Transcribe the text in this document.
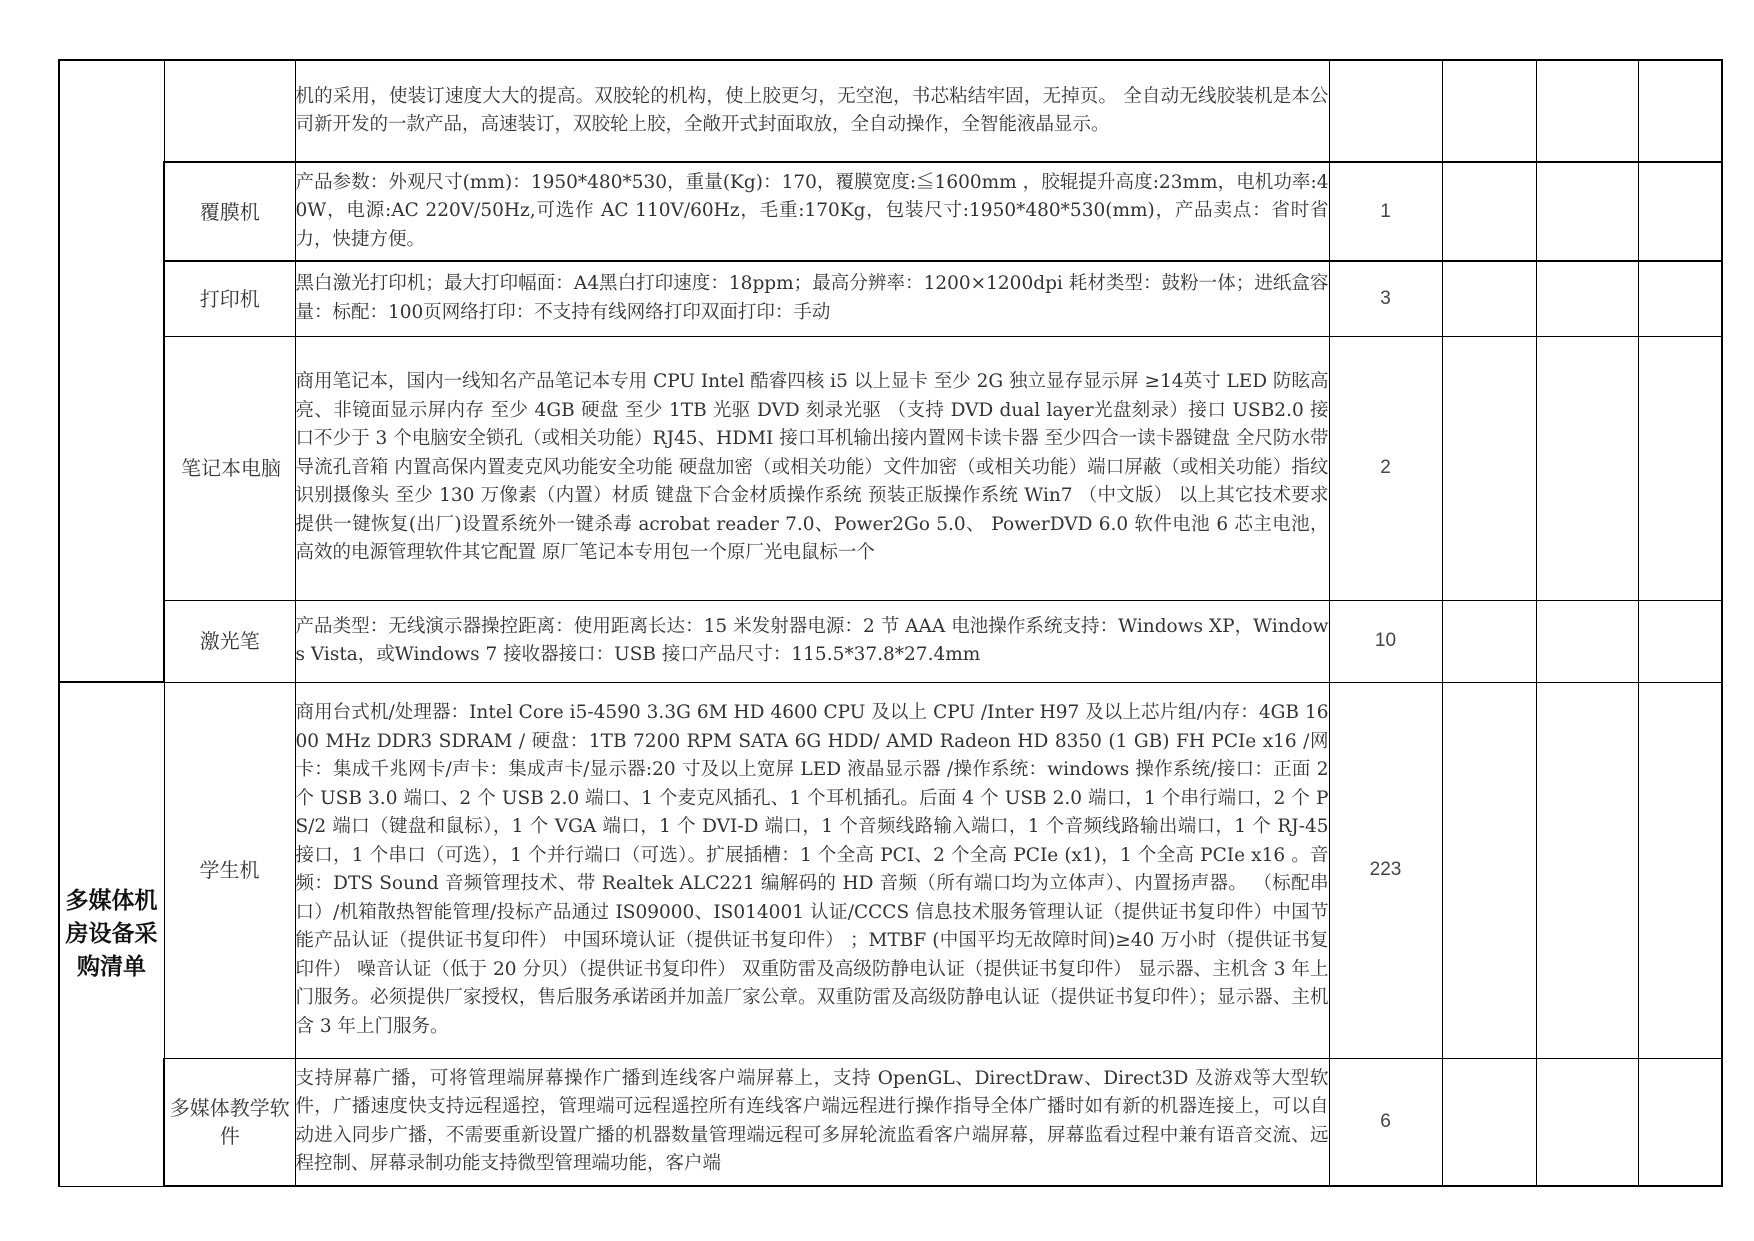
		机的采用，使装订速度大大的提高。双胶轮的机构，使上胶更匀，无空泡，书芯粘结牢固，无掉页。 全自动无线胶装机是本公司新开发的一款产品，高速装订，双胶轮上胶，全敞开式封面取放，全自动操作，全智能液晶显示。				
	覆膜机	产品参数：外观尺寸(mm)：1950*480*530，重量(Kg)：170，覆膜宽度:≦1600mm ，胶辊提升高度:23mm，电机功率:40W，电源:AC 220V/50Hz,可选作 AC 110V/60Hz，毛重:170Kg，包装尺寸:1950*480*530(mm)，产品卖点：省时省力，快捷方便。	1			
	打印机	黑白激光打印机；最大打印幅面：A4黑白打印速度：18ppm；最高分辨率：1200×1200dpi 耗材类型：鼓粉一体；进纸盒容量：标配：100页网络打印：不支持有线网络打印双面打印：手动	3			
	笔记本电脑	商用笔记本，国内一线知名产品笔记本专用 CPU Intel 酷睿四核 i5 以上显卡 至少 2G 独立显存显示屏 ≥14英寸 LED 防眩高亮、非镜面显示屏内存 至少 4GB 硬盘 至少 1TB 光驱 DVD 刻录光驱 （支持 DVD dual layer光盘刻录）接口 USB2.0 接口不少于 3 个电脑安全锁孔（或相关功能）RJ45、HDMI 接口耳机输出接内置网卡读卡器 至少四合一读卡器键盘 全尺防水带导流孔音箱 内置高保内置麦克风功能安全功能 硬盘加密（或相关功能）文件加密（或相关功能）端口屏蔽（或相关功能）指纹识别摄像头 至少 130 万像素（内置）材质 键盘下合金材质操作系统 预装正版操作系统 Win7 （中文版） 以上其它技术要求 提供一键恢复(出厂)设置系统外一键杀毒 acrobat reader 7.0、Power2Go 5.0、 PowerDVD 6.0 软件电池 6 芯主电池，高效的电源管理软件其它配置 原厂笔记本专用包一个原厂光电鼠标一个	2			
	激光笔	产品类型：无线演示器操控距离：使用距离长达：15 米发射器电源：2 节 AAA 电池操作系统支持：Windows XP，Windows Vista，或Windows 7 接收器接口：USB 接口产品尺寸：115.5*37.8*27.4mm	10			
多媒体机房设备采购清单	学生机	商用台式机/处理器：Intel Core i5-4590 3.3G 6M HD 4600 CPU 及以上 CPU /Inter H97 及以上芯片组/内存：4GB 1600 MHz DDR3 SDRAM / 硬盘：1TB 7200 RPM SATA 6G HDD/ AMD Radeon HD 8350 (1 GB) FH PCIe x16 /网卡：集成千兆网卡/声卡：集成声卡/显示器:20 寸及以上宽屏 LED 液晶显示器 /操作系统：windows 操作系统/接口：正面 2 个 USB 3.0 端口、2 个 USB 2.0 端口、1 个麦克风插孔、1 个耳机插孔。后面 4 个 USB 2.0 端口，1 个串行端口，2 个 PS/2 端口（键盘和鼠标），1 个 VGA 端口，1 个 DVI-D 端口，1 个音频线路输入端口，1 个音频线路输出端口，1 个 RJ-45 接口，1 个串口（可选），1 个并行端口（可选）。扩展插槽：1 个全高 PCI、2 个全高 PCIe (x1)，1 个全高 PCIe x16 。音频：DTS Sound 音频管理技术、带 Realtek ALC221 编解码的 HD 音频（所有端口均为立体声）、内置扬声器。 （标配串口）/机箱散热智能管理/投标产品通过 IS09000、IS014001 认证/CCCS 信息技术服务管理认证（提供证书复印件）中国节能产品认证（提供证书复印件） 中国环境认证（提供证书复印件） ；MTBF (中国平均无故障时间)≥40 万小时（提供证书复印件） 噪音认证（低于 20 分贝）（提供证书复印件） 双重防雷及高级防静电认证（提供证书复印件） 显示器、主机含 3 年上门服务。必须提供厂家授权，售后服务承诺函并加盖厂家公章。双重防雷及高级防静电认证（提供证书复印件）；显示器、主机含 3 年上门服务。	223			
	多媒体教学软件	支持屏幕广播，可将管理端屏幕操作广播到连线客户端屏幕上，支持 OpenGL、DirectDraw、Direct3D 及游戏等大型软件，广播速度快支持远程遥控，管理端可远程遥控所有连线客户端远程进行操作指导全体广播时如有新的机器连接上，可以自动进入同步广播，不需要重新设置广播的机器数量管理端远程可多屏轮流监看客户端屏幕，屏幕监看过程中兼有语音交流、远程控制、屏幕录制功能支持微型管理端功能，客户端	6			
